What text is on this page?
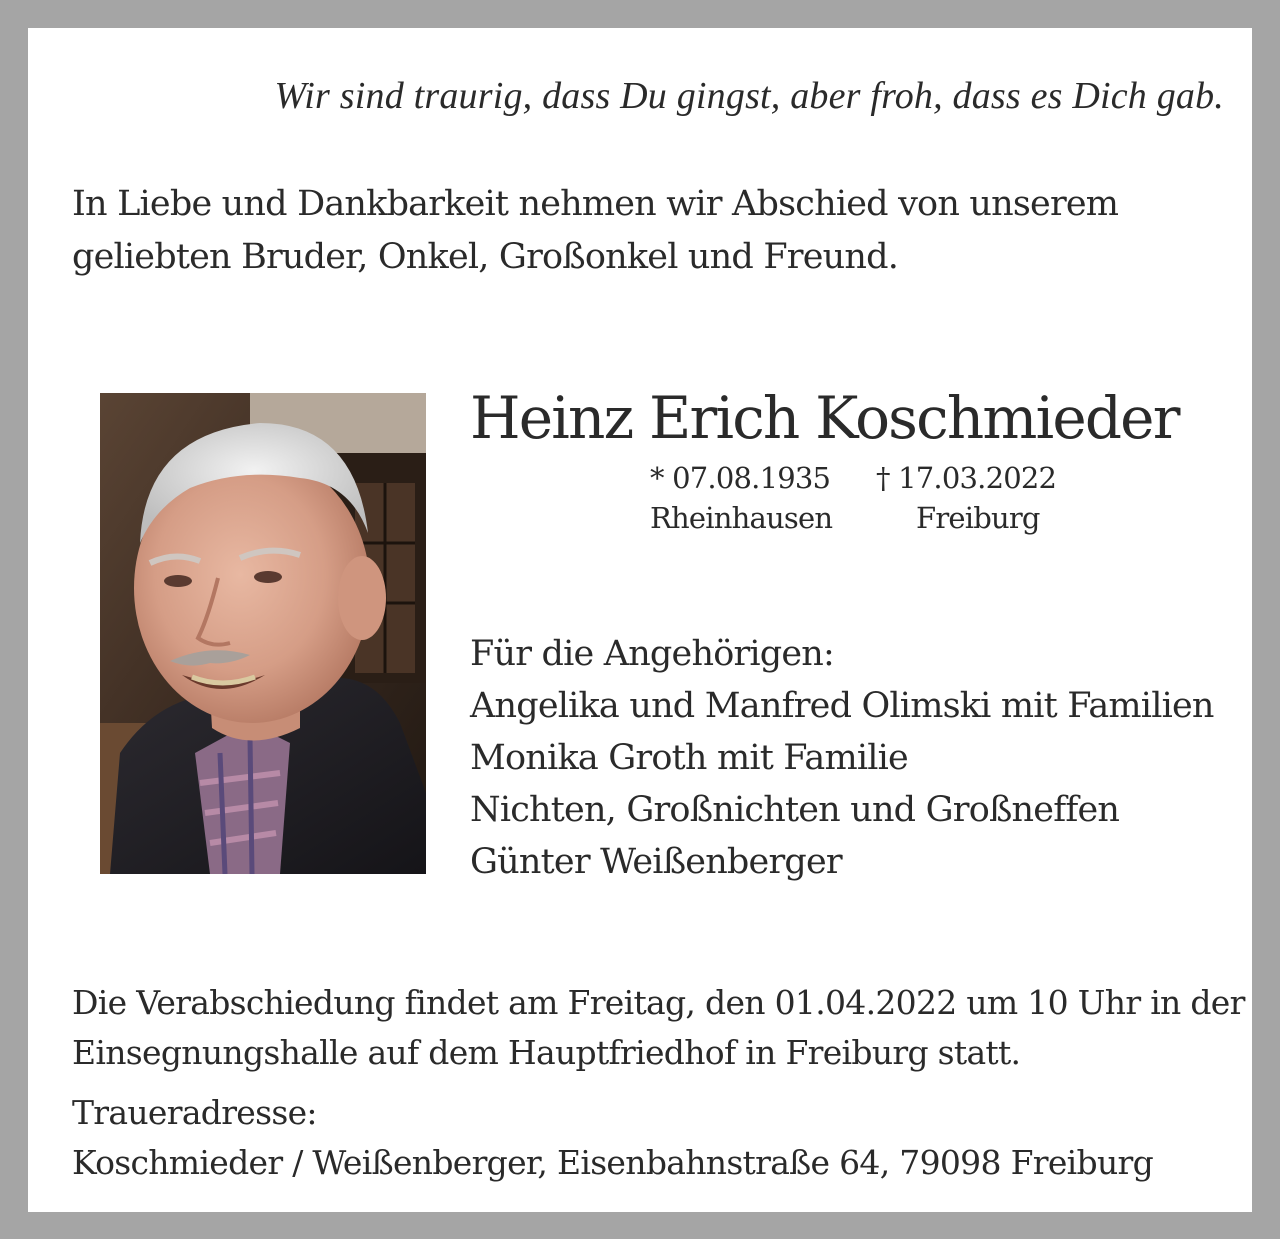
Wir sind traurig, dass Du gingst, aber froh, dass es Dich gab.
In Liebe und Dankbarkeit nehmen wir Abschied von unserem
geliebten Bruder, Onkel, Großonkel und Freund.
Heinz Erich Koschmieder
* 07.08.1935
Rheinhausen
† 17.03.2022
Freiburg
Für die Angehörigen:
Angelika und Manfred Olimski mit Familien
Monika Groth mit Familie
Nichten, Großnichten und Großneffen
Günter Weißenberger
Die Verabschiedung findet am Freitag, den 01.04.2022 um 10 Uhr in der
Einsegnungshalle auf dem Hauptfriedhof in Freiburg statt.
Traueradresse:
Koschmieder / Weißenberger, Eisenbahnstraße 64, 79098 Freiburg
